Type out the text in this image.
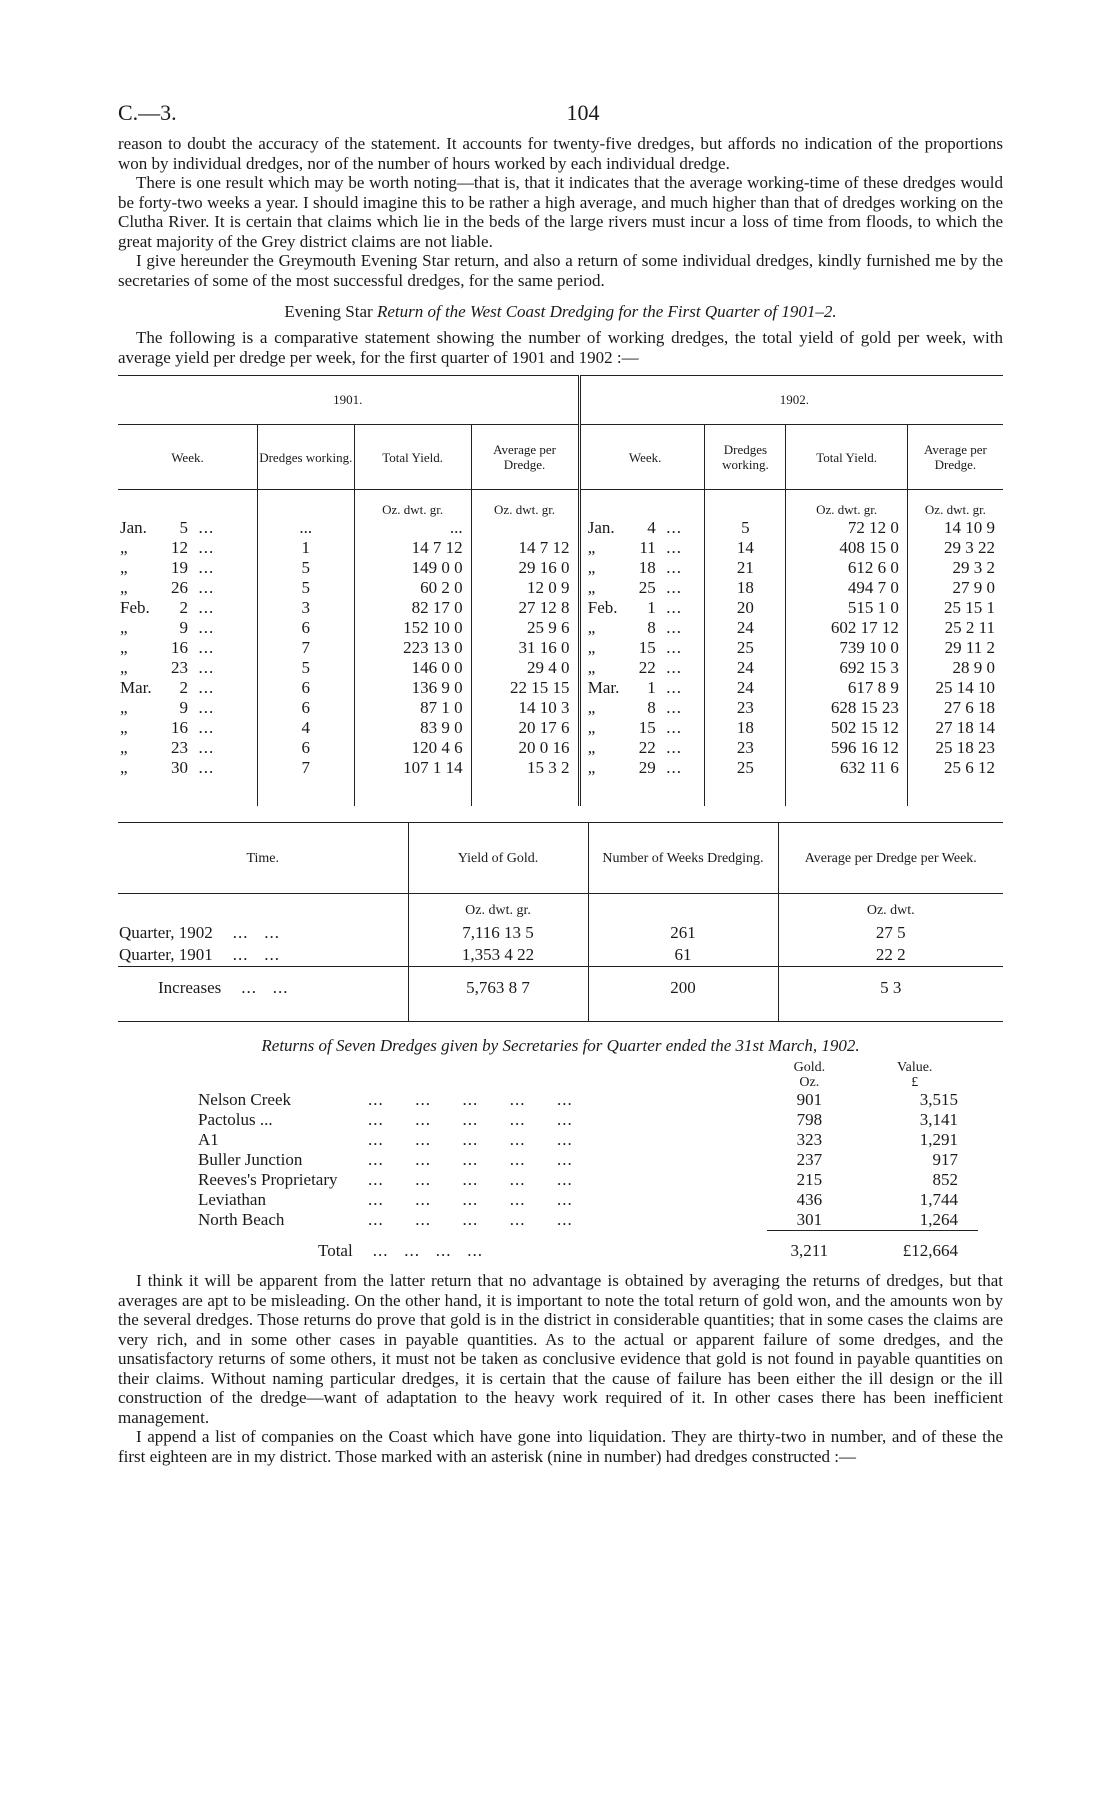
C.—3.	104

reason to doubt the accuracy of the statement. It accounts for twenty-five dredges, but affords no indication of the proportions won by individual dredges, nor of the number of hours worked by each individual dredge.

There is one result which may be worth noting—that is, that it indicates that the average working-time of these dredges would be forty-two weeks a year. I should imagine this to be rather a high average, and much higher than that of dredges working on the Clutha River. It is certain that claims which lie in the beds of the large rivers must incur a loss of time from floods, to which the great majority of the Grey district claims are not liable.

I give hereunder the Greymouth Evening Star return, and also a return of some individual dredges, kindly furnished me by the secretaries of some of the most successful dredges, for the same period.

Evening Star Return of the West Coast Dredging for the First Quarter of 1901–2.

The following is a comparative statement showing the number of working dredges, the total yield of gold per week, with average yield per dredge per week, for the first quarter of 1901 and 1902 :—

1901.					1902.			
Week.	Dredges working.	Total Yield.	Average per Dredge.		Week.	Dredges working.	Total Yield.	Average per Dredge.
		Oz. dwt. gr.	Oz. dwt. gr.				Oz. dwt. gr.	Oz. dwt. gr.
Jan. 5  ...	...	...			Jan. 4  ...	5	72 12 0	14 10 9
„ 12  ...	1	14 7 12	14 7 12		„ 11  ...	14	408 15 0	29 3 22
„ 19  ...	5	149 0 0	29 16 0		„ 18  ...	21	612 6 0	29 3 2
„ 26  ...	5	60 2 0	12 0 9		„ 25  ...	18	494 7 0	27 9 0
Feb. 2  ...	3	82 17 0	27 12 8		Feb. 1  ...	20	515 1 0	25 15 1
„ 9  ...	6	152 10 0	25 9 6		„ 8  ...	24	602 17 12	25 2 11
„ 16  ...	7	223 13 0	31 16 0		„ 15  ...	25	739 10 0	29 11 2
„ 23  ...	5	146 0 0	29 4 0		„ 22  ...	24	692 15 3	28 9 0
Mar. 2  ...	6	136 9 0	22 15 15		Mar. 1  ...	24	617 8 9	25 14 10
„ 9  ...	6	87 1 0	14 10 3		„ 8  ...	23	628 15 23	27 6 18
„ 16  ...	4	83 9 0	20 17 6		„ 15  ...	18	502 15 12	27 18 14
„ 23  ...	6	120 4 6	20 0 16		„ 22  ...	23	596 16 12	25 18 23
„ 30  ...	7	107 1 14	15 3 2		„ 29  ...	25	632 11 6	25 6 12

Time.	Yield of Gold.	Number of Weeks Dredging.	Average per Dredge per Week.
	Oz. dwt. gr.		Oz. dwt.
Quarter, 1902    ...   ...	7,116 13 5	261	27 5
Quarter, 1901    ...   ...	1,353 4 22	61	22 2
Increases    ...   ...	5,763 8 7	200	5 3

Returns of Seven Dredges given by Secretaries for Quarter ended the 31st March, 1902.
	Gold.	Value.
	Oz.	£
Nelson Creek ...      ...      ...      ...      ...	901	3,515
Pactolus ... ...      ...      ...      ...      ...	798	3,141
A1 ...      ...      ...      ...      ...	323	1,291
Buller Junction ...      ...      ...      ...      ...	237	917
Reeves's Proprietary ...      ...      ...      ...      ...	215	852
Leviathan ...      ...      ...      ...      ...	436	1,744
North Beach ...      ...      ...      ...      ...	301	1,264

Total    ...   ...   ...   ...	3,211	£12,664

I think it will be apparent from the latter return that no advantage is obtained by averaging the returns of dredges, but that averages are apt to be misleading. On the other hand, it is important to note the total return of gold won, and the amounts won by the several dredges. Those returns do prove that gold is in the district in considerable quantities; that in some cases the claims are very rich, and in some other cases in payable quantities. As to the actual or apparent failure of some dredges, and the unsatisfactory returns of some others, it must not be taken as conclusive evidence that gold is not found in payable quantities on their claims. Without naming particular dredges, it is certain that the cause of failure has been either the ill design or the ill construction of the dredge—want of adaptation to the heavy work required of it. In other cases there has been inefficient management.

I append a list of companies on the Coast which have gone into liquidation. They are thirty-two in number, and of these the first eighteen are in my district. Those marked with an asterisk (nine in number) had dredges constructed :—
